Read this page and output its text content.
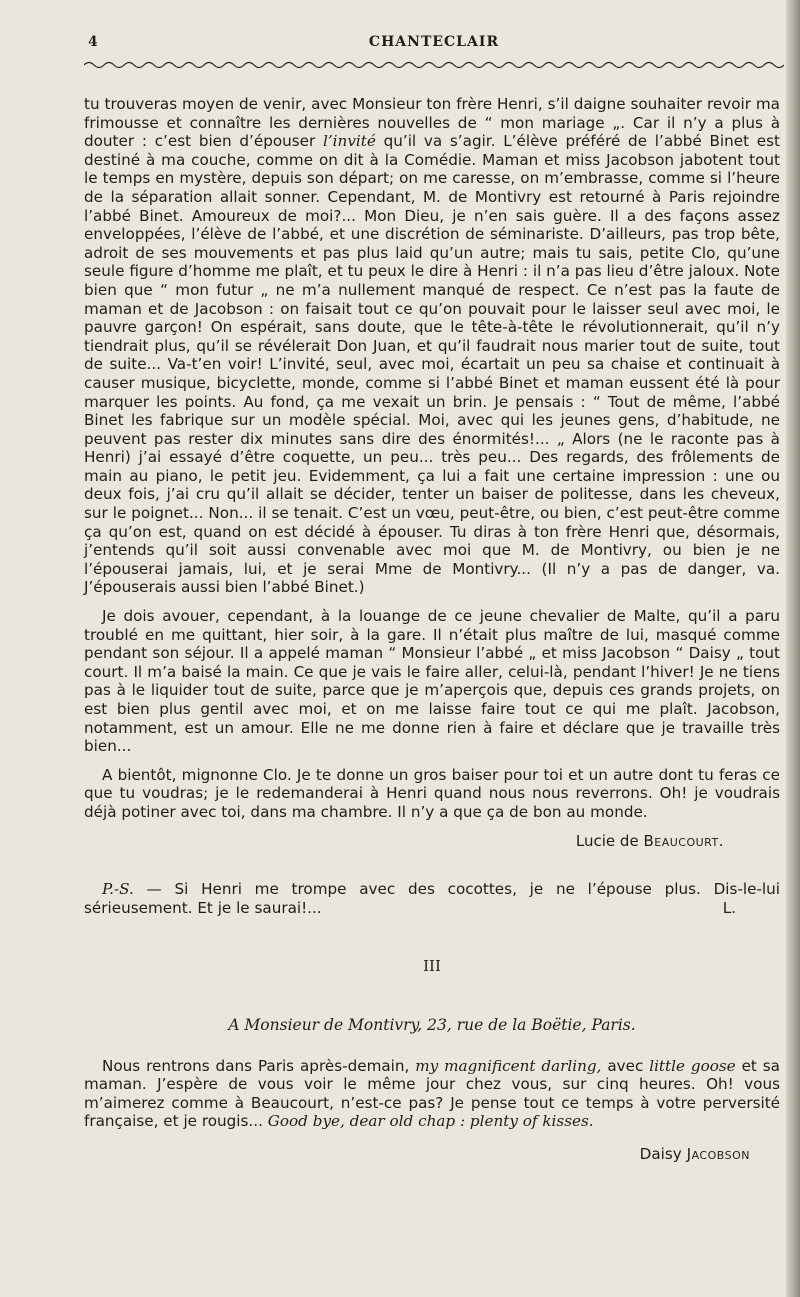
4	CHANTECLAIR

tu trouveras moyen de venir, avec Monsieur ton frère Henri, s’il daigne souhaiter revoir ma frimousse et connaître les dernières nouvelles de “ mon mariage „. Car il n’y a plus à douter : c’est bien d’épouser l’invité qu’il va s’agir. L’élève préféré de l’abbé Binet est destiné à ma couche, comme on dit à la Comédie. Maman et miss Jacobson jabotent tout le temps en mystère, depuis son départ; on me caresse, on m’embrasse, comme si l’heure de la séparation allait sonner. Cependant, M. de Montivry est retourné à Paris rejoindre l’abbé Binet. Amoureux de moi?... Mon Dieu, je n’en sais guère. Il a des façons assez enveloppées, l’élève de l’abbé, et une discrétion de séminariste. D’ailleurs, pas trop bête, adroit de ses mouvements et pas plus laid qu’un autre; mais tu sais, petite Clo, qu’une seule figure d’homme me plaît, et tu peux le dire à Henri : il n’a pas lieu d’être jaloux. Note bien que “ mon futur „ ne m’a nullement manqué de respect. Ce n’est pas la faute de maman et de Jacobson : on faisait tout ce qu’on pouvait pour le laisser seul avec moi, le pauvre garçon! On espérait, sans doute, que le tête-à-tête le révolutionnerait, qu’il n’y tiendrait plus, qu’il se révélerait Don Juan, et qu’il faudrait nous marier tout de suite, tout de suite... Va-t’en voir! L’invité, seul, avec moi, écartait un peu sa chaise et continuait à causer musique, bicyclette, monde, comme si l’abbé Binet et maman eussent été là pour marquer les points. Au fond, ça me vexait un brin. Je pensais : “ Tout de même, l’abbé Binet les fabrique sur un modèle spécial. Moi, avec qui les jeunes gens, d’habitude, ne peuvent pas rester dix minutes sans dire des énormités!... „ Alors (ne le raconte pas à Henri) j’ai essayé d’être coquette, un peu... très peu... Des regards, des frôlements de main au piano, le petit jeu. Evidemment, ça lui a fait une certaine impression : une ou deux fois, j’ai cru qu’il allait se décider, tenter un baiser de politesse, dans les cheveux, sur le poignet... Non... il se tenait. C’est un vœu, peut-être, ou bien, c’est peut-être comme ça qu’on est, quand on est décidé à épouser. Tu diras à ton frère Henri que, désormais, j’entends qu’il soit aussi convenable avec moi que M. de Montivry, ou bien je ne l’épouserai jamais, lui, et je serai Mme de Montivry... (Il n’y a pas de danger, va. J’épouserais aussi bien l’abbé Binet.)

Je dois avouer, cependant, à la louange de ce jeune chevalier de Malte, qu’il a paru troublé en me quittant, hier soir, à la gare. Il n’était plus maître de lui, masqué comme pendant son séjour. Il a appelé maman “ Monsieur l’abbé „ et miss Jacobson “ Daisy „ tout court. Il m’a baisé la main. Ce que je vais le faire aller, celui-là, pendant l’hiver! Je ne tiens pas à le liquider tout de suite, parce que je m’aperçois que, depuis ces grands projets, on est bien plus gentil avec moi, et on me laisse faire tout ce qui me plaît. Jacobson, notamment, est un amour. Elle ne me donne rien à faire et déclare que je travaille très bien...

A bientôt, mignonne Clo. Je te donne un gros baiser pour toi et un autre dont tu feras ce que tu voudras; je le redemanderai à Henri quand nous nous reverrons. Oh! je voudrais déjà potiner avec toi, dans ma chambre. Il n’y a que ça de bon au monde.

Lucie de Beaucourt.

P.-S. — Si Henri me trompe avec des cocottes, je ne l’épouse plus. Dis-le-lui sérieusement. Et je le saurai!...	L.

III
A Monsieur de Montivry, 23, rue de la Boëtie, Paris.

Nous rentrons dans Paris après-demain, my magnificent darling, avec little goose et sa maman. J’espère de vous voir le même jour chez vous, sur cinq heures. Oh! vous m’aimerez comme à Beaucourt, n’est-ce pas? Je pense tout ce temps à votre perversité française, et je rougis... Good bye, dear old chap : plenty of kisses.

Daisy Jacobson
